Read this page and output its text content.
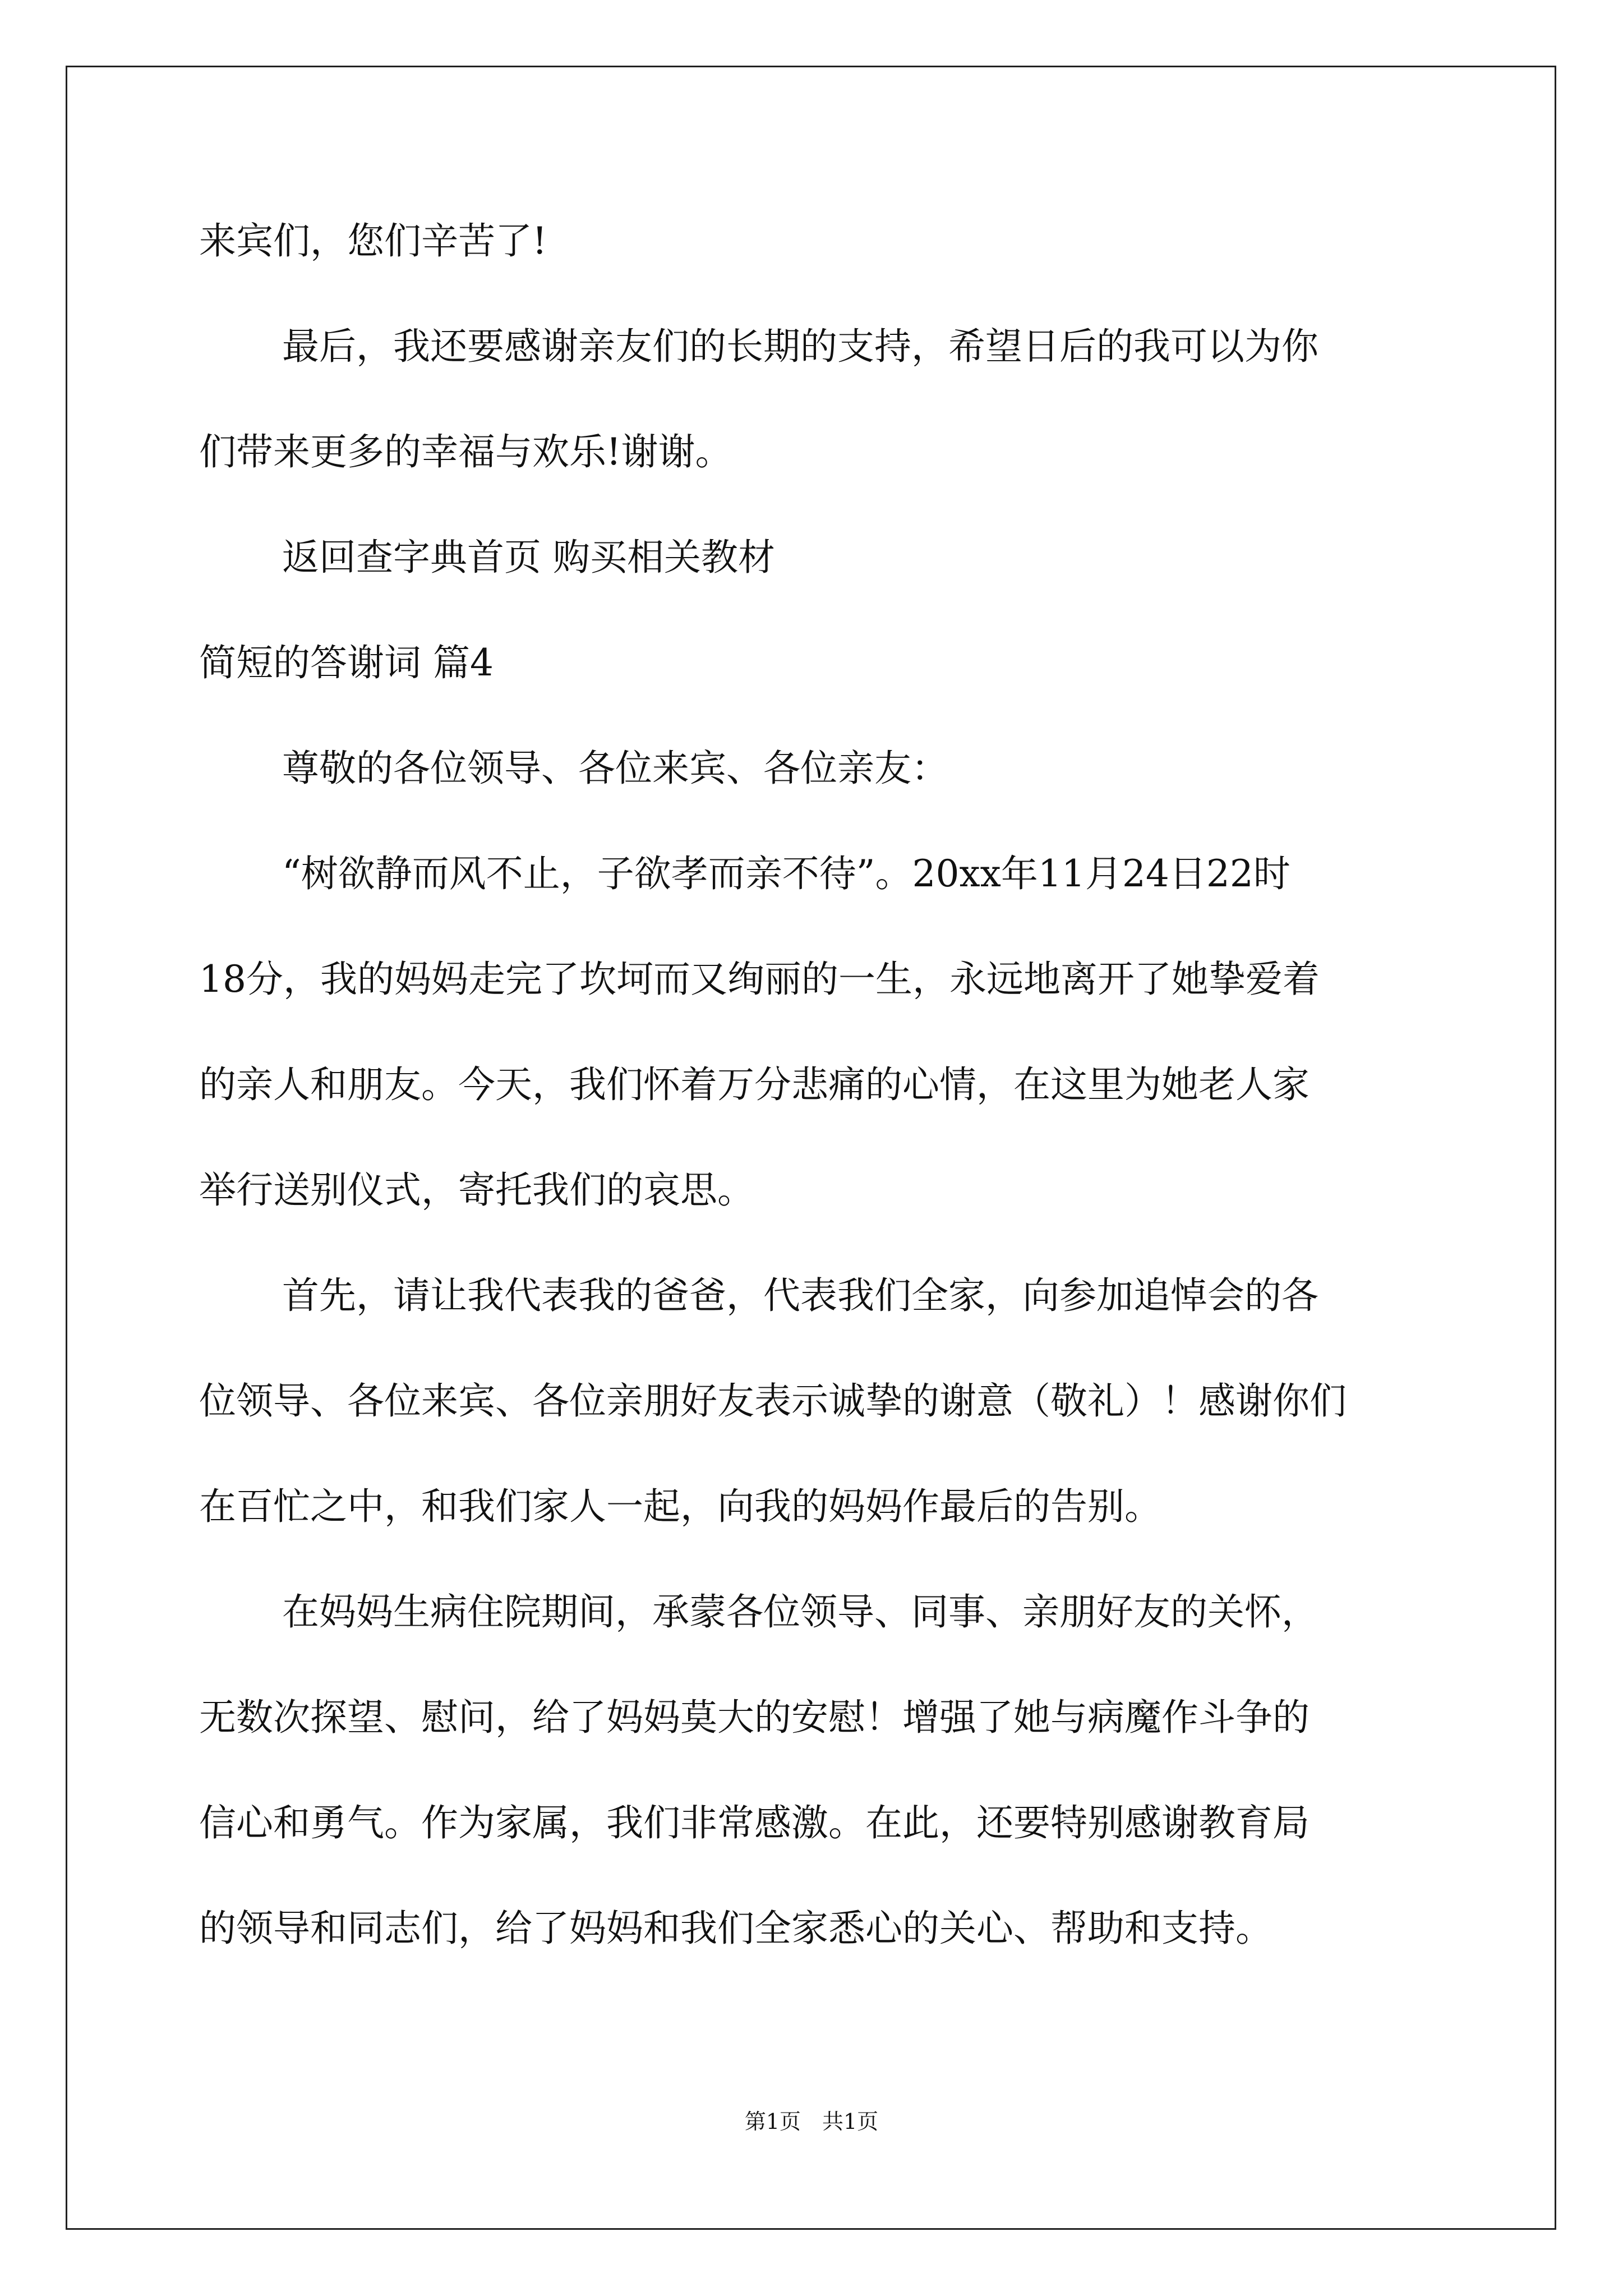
来宾们，您们辛苦了!
最后，我还要感谢亲友们的长期的支持，希望日后的我可以为你
们带来更多的幸福与欢乐!谢谢。
返回查字典首页 购买相关教材
简短的答谢词 篇4
尊敬的各位领导、各位来宾、各位亲友：
“树欲静而风不止，子欲孝而亲不待”。20xx年11月24日22时
18分，我的妈妈走完了坎坷而又绚丽的一生，永远地离开了她挚爱着
的亲人和朋友。今天，我们怀着万分悲痛的心情，在这里为她老人家
举行送别仪式，寄托我们的哀思。
首先，请让我代表我的爸爸，代表我们全家，向参加追悼会的各
位领导、各位来宾、各位亲朋好友表示诚挚的谢意（敬礼）！感谢你们
在百忙之中，和我们家人一起，向我的妈妈作最后的告别。
在妈妈生病住院期间，承蒙各位领导、同事、亲朋好友的关怀，
无数次探望、慰问，给了妈妈莫大的安慰！增强了她与病魔作斗争的
信心和勇气。作为家属，我们非常感激。在此，还要特别感谢教育局
的领导和同志们，给了妈妈和我们全家悉心的关心、帮助和支持。
第1页　共1页
